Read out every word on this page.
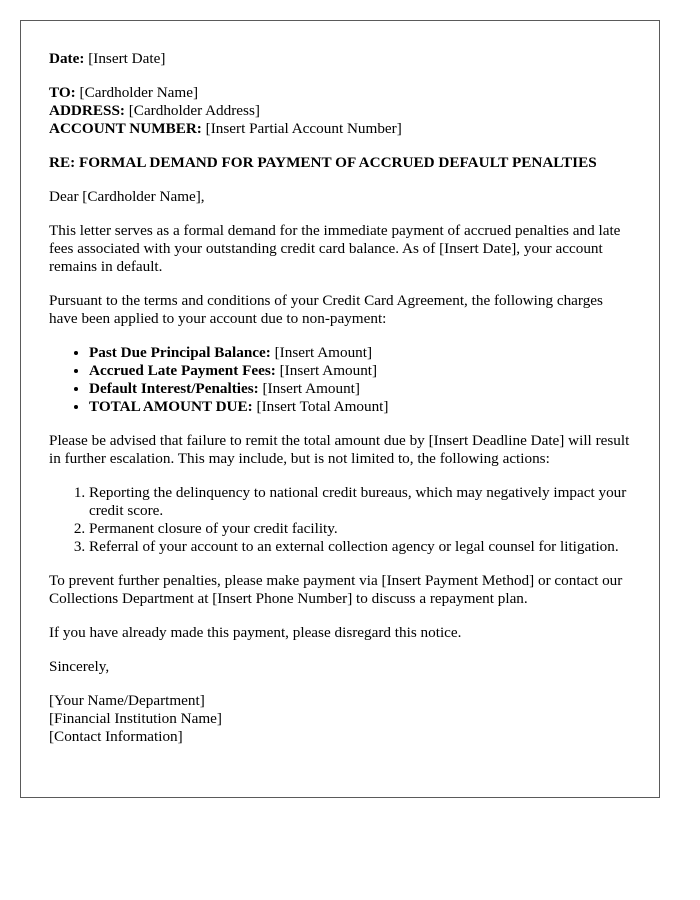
Date: [Insert Date]

TO: [Cardholder Name]

ADDRESS: [Cardholder Address]

ACCOUNT NUMBER: [Insert Partial Account Number]

RE: FORMAL DEMAND FOR PAYMENT OF ACCRUED DEFAULT PENALTIES

Dear [Cardholder Name],

This letter serves as a formal demand for the immediate payment of accrued penalties and late fees associated with your outstanding credit card balance. As of [Insert Date], your account remains in default.

Pursuant to the terms and conditions of your Credit Card Agreement, the following charges have been applied to your account due to non-payment:

• Past Due Principal Balance: [Insert Amount]
• Accrued Late Payment Fees: [Insert Amount]
• Default Interest/Penalties: [Insert Amount]
• TOTAL AMOUNT DUE: [Insert Total Amount]

Please be advised that failure to remit the total amount due by [Insert Deadline Date] will result in further escalation. This may include, but is not limited to, the following actions:

1. Reporting the delinquency to national credit bureaus, which may negatively impact your credit score.
2. Permanent closure of your credit facility.
3. Referral of your account to an external collection agency or legal counsel for litigation.

To prevent further penalties, please make payment via [Insert Payment Method] or contact our Collections Department at [Insert Phone Number] to discuss a repayment plan.

If you have already made this payment, please disregard this notice.

Sincerely,

[Your Name/Department]

[Financial Institution Name]

[Contact Information]
